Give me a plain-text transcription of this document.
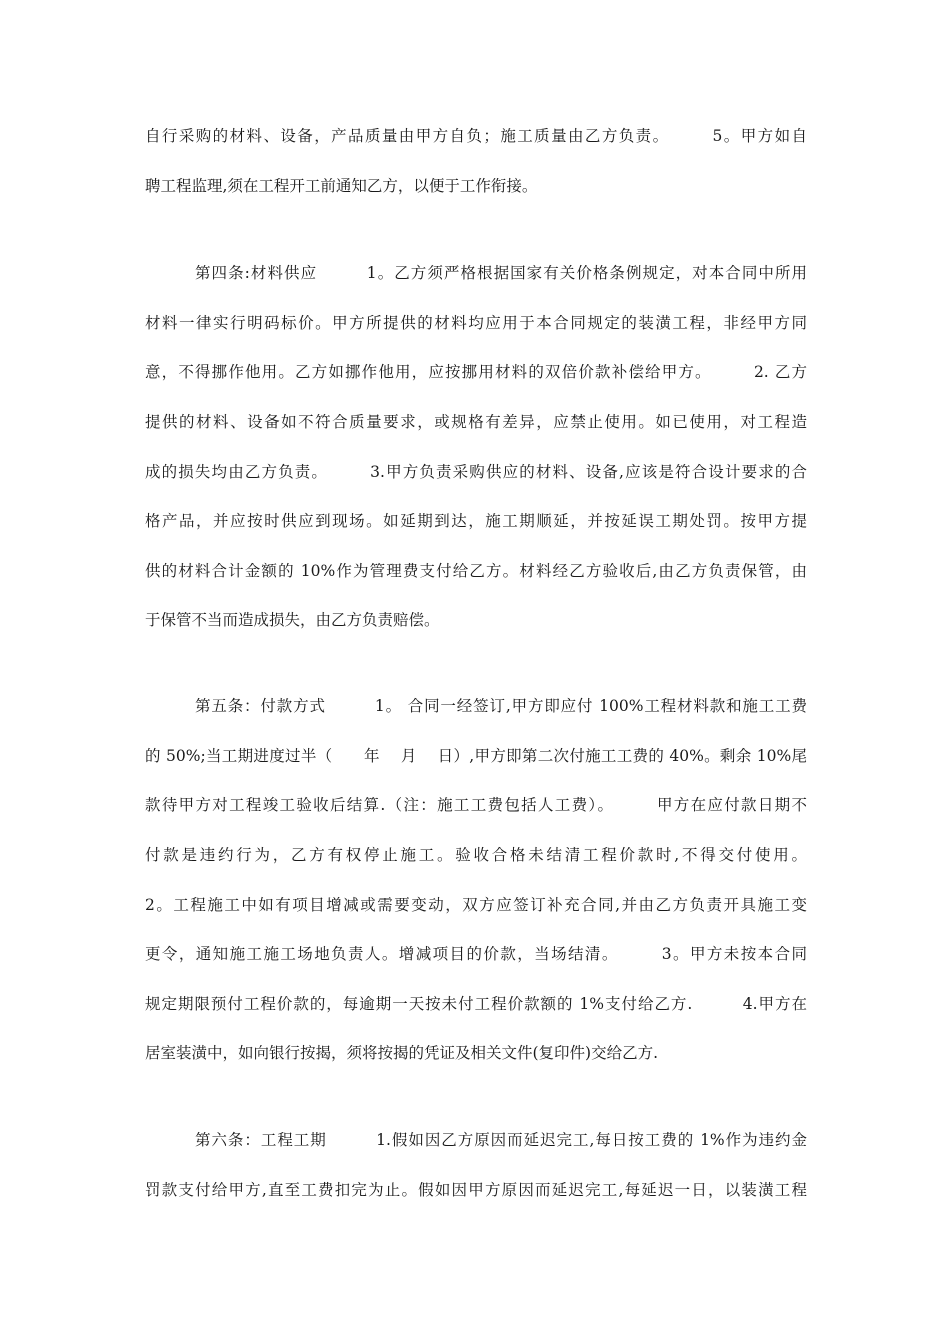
自行采购的材料、设备，产品质量由甲方自负；施工质量由乙方负责。　　　5。甲方如自
聘工程监理,须在工程开工前通知乙方，以便于工作衔接。
第四条:材料供应　　　1。乙方须严格根据国家有关价格条例规定，对本合同中所用
材料一律实行明码标价。甲方所提供的材料均应用于本合同规定的装潢工程，非经甲方同
意，不得挪作他用。乙方如挪作他用，应按挪用材料的双倍价款补偿给甲方。　　　2. 乙方
提供的材料、设备如不符合质量要求，或规格有差异，应禁止使用。如已使用，对工程造
成的损失均由乙方负责。　　　3.甲方负责采购供应的材料、设备,应该是符合设计要求的合
格产品，并应按时供应到现场。如延期到达，施工期顺延，并按延误工期处罚。按甲方提
供的材料合计金额的 10%作为管理费支付给乙方。材料经乙方验收后,由乙方负责保管，由
于保管不当而造成损失，由乙方负责赔偿。
第五条：付款方式　　　1。 合同一经签订,甲方即应付 100%工程材料款和施工工费
的 50%;当工期进度过半（　　年　 月　 日）,甲方即第二次付施工工费的 40%。剩余 10%尾
款待甲方对工程竣工验收后结算.（注：施工工费包括人工费）。　　　甲方在应付款日期不
付款是违约行为，乙方有权停止施工。验收合格未结清工程价款时,不得交付使用。
2。工程施工中如有项目增减或需要变动，双方应签订补充合同,并由乙方负责开具施工变
更令，通知施工施工场地负责人。增减项目的价款，当场结清。　　　3。甲方未按本合同
规定期限预付工程价款的，每逾期一天按未付工程价款额的 1%支付给乙方.　　　4.甲方在
居室装潢中，如向银行按揭，须将按揭的凭证及相关文件(复印件)交给乙方.
第六条：工程工期　　　1.假如因乙方原因而延迟完工,每日按工费的 1%作为违约金
罚款支付给甲方,直至工费扣完为止。假如因甲方原因而延迟完工,每延迟一日，以装潢工程
